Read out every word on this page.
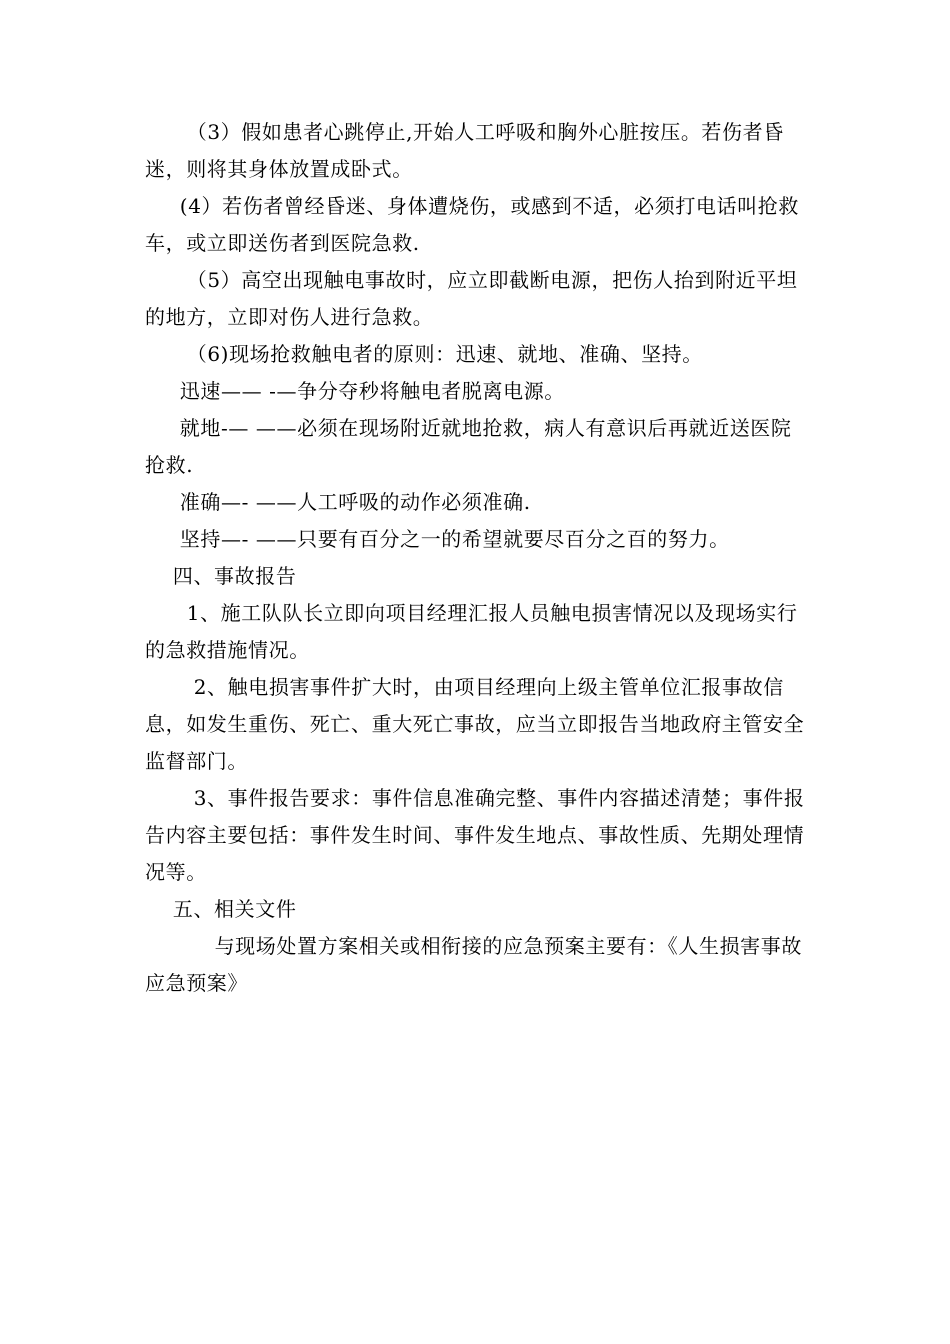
（3）假如患者心跳停止,开始人工呼吸和胸外心脏按压。若伤者昏迷，则将其身体放置成卧式。

(4）若伤者曾经昏迷、身体遭烧伤，或感到不适，必须打电话叫抢救车，或立即送伤者到医院急救.

（5）高空出现触电事故时，应立即截断电源，把伤人抬到附近平坦的地方，立即对伤人进行急救。

（6)现场抢救触电者的原则：迅速、就地、准确、坚持。

迅速—— -—争分夺秒将触电者脱离电源。

就地-— ——必须在现场附近就地抢救，病人有意识后再就近送医院抢救.

准确—- ——人工呼吸的动作必须准确.

坚持—- ——只要有百分之一的希望就要尽百分之百的努力。

四、事故报告

1、施工队队长立即向项目经理汇报人员触电损害情况以及现场实行的急救措施情况。

2、触电损害事件扩大时，由项目经理向上级主管单位汇报事故信息，如发生重伤、死亡、重大死亡事故，应当立即报告当地政府主管安全监督部门。

3、事件报告要求：事件信息准确完整、事件内容描述清楚；事件报告内容主要包括：事件发生时间、事件发生地点、事故性质、先期处理情况等。

五、相关文件

与现场处置方案相关或相衔接的应急预案主要有：《人生损害事故应急预案》
